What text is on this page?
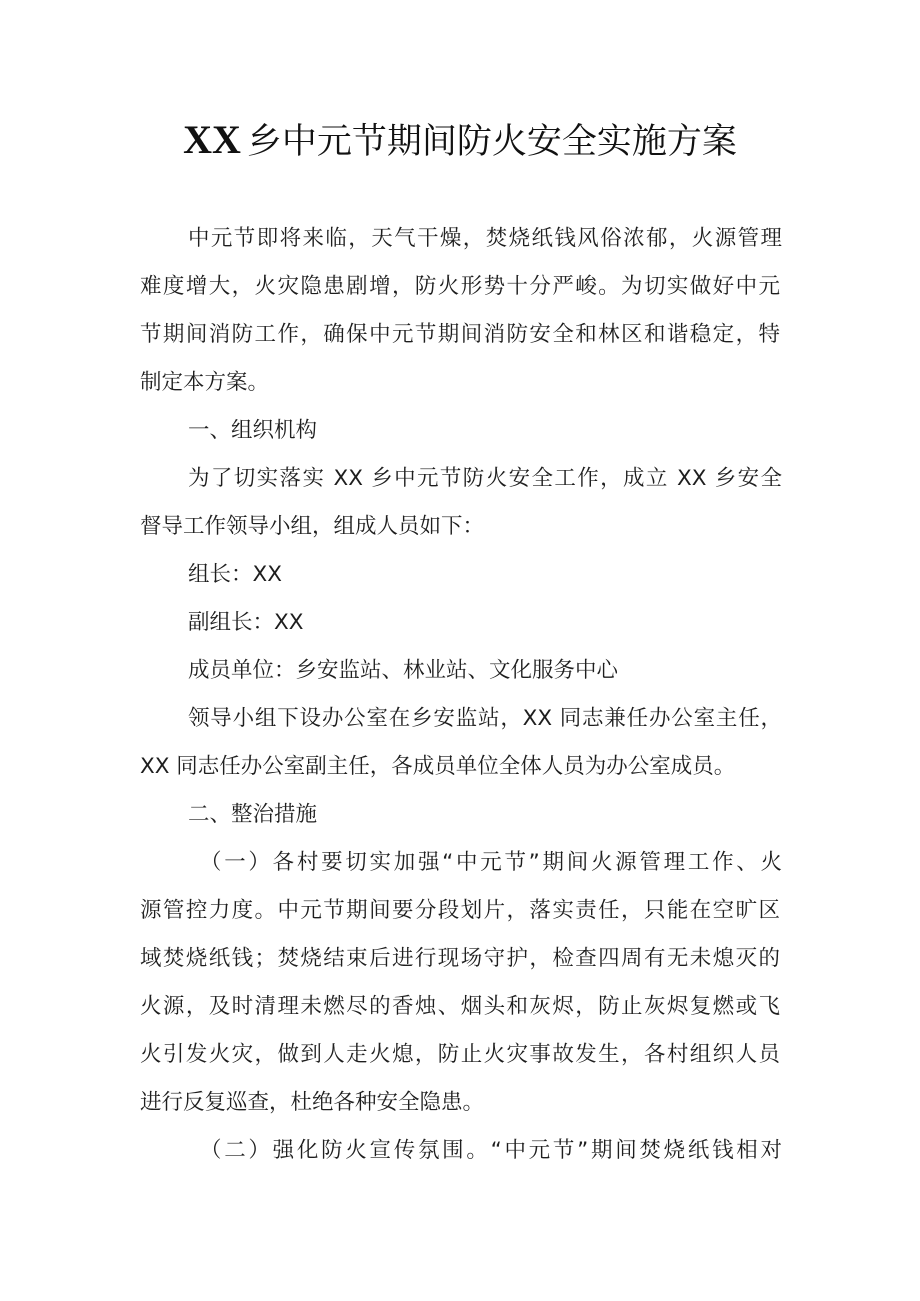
XX 乡中元节期间防火安全实施方案
中元节即将来临，天气干燥，焚烧纸钱风俗浓郁，火源管理
难度增大，火灾隐患剧增，防火形势十分严峻。为切实做好中元
节期间消防工作，确保中元节期间消防安全和林区和谐稳定，特
制定本方案。
一、组织机构
为了切实落实 XX 乡中元节防火安全工作，成立 XX 乡安全
督导工作领导小组，组成人员如下：
组长：XX
副组长：XX
成员单位：乡安监站、林业站、文化服务中心
领导小组下设办公室在乡安监站，XX 同志兼任办公室主任，
XX 同志任办公室副主任，各成员单位全体人员为办公室成员。
二、整治措施
（一）各村要切实加强“中元节”期间火源管理工作、火
源管控力度。中元节期间要分段划片，落实责任，只能在空旷区
域焚烧纸钱；焚烧结束后进行现场守护，检查四周有无未熄灭的
火源，及时清理未燃尽的香烛、烟头和灰烬，防止灰烬复燃或飞
火引发火灾，做到人走火熄，防止火灾事故发生，各村组织人员
进行反复巡查，杜绝各种安全隐患。
（二）强化防火宣传氛围。“中元节”期间焚烧纸钱相对
